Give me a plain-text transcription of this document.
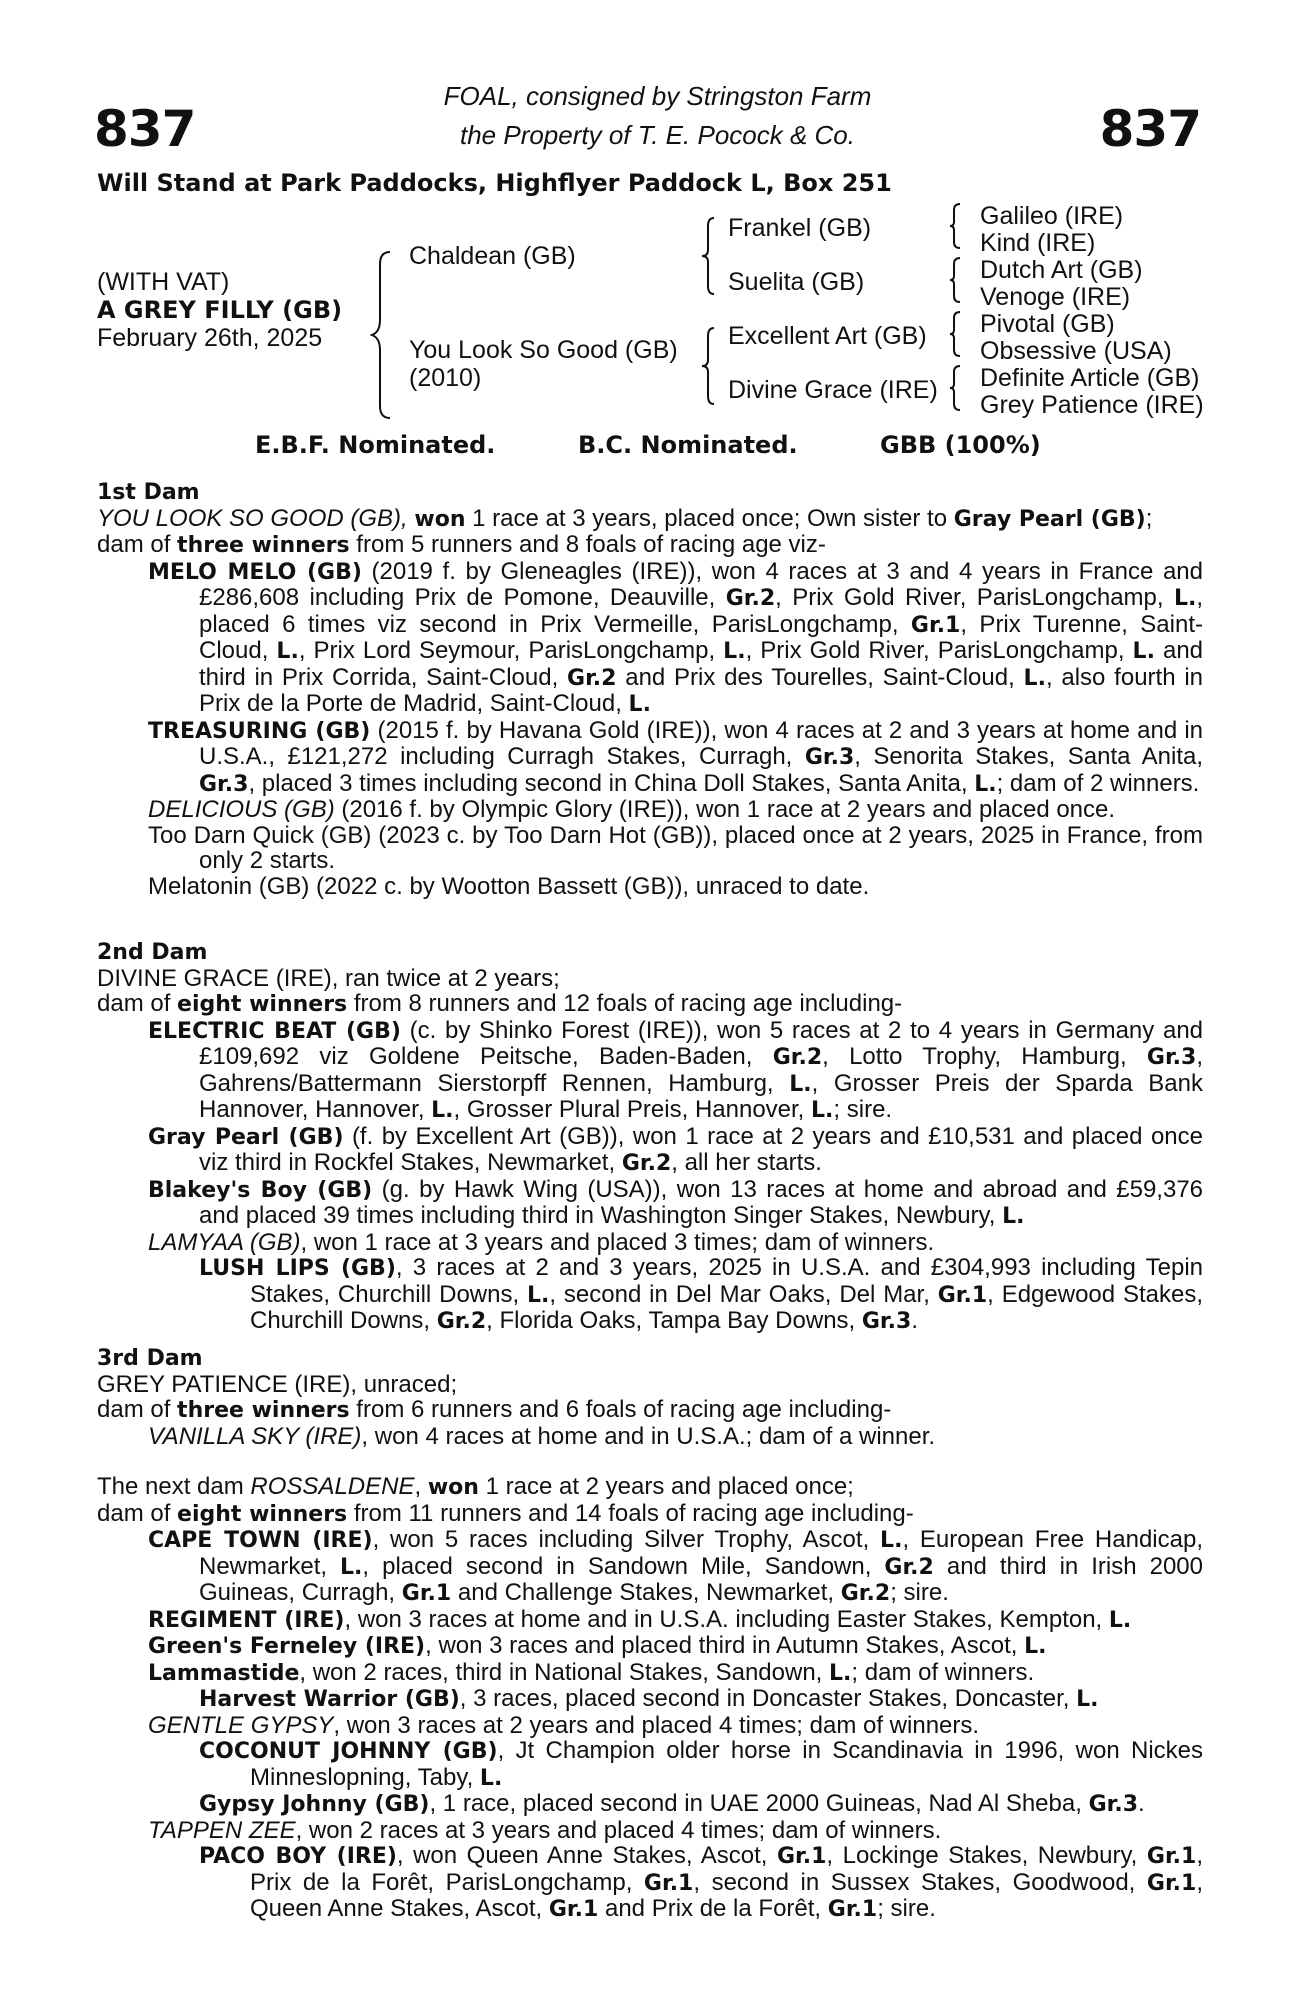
837	837
FOAL, consigned by Stringston Farm
the Property of T. E. Pocock & Co.
Will Stand at Park Paddocks, Highflyer Paddock L, Box 251
(WITH VAT)
A GREY FILLY (GB)
February 26th, 2025
Chaldean (GB)
You Look So Good (GB)
(2010)
Frankel (GB)
Suelita (GB)
Excellent Art (GB)
Divine Grace (IRE)
Galileo (IRE)
Kind (IRE)
Dutch Art (GB)
Venoge (IRE)
Pivotal (GB)
Obsessive (USA)
Definite Article (GB)
Grey Patience (IRE)
E.B.F. Nominated.	B.C. Nominated.	GBB (100%)
1st Dam
YOU LOOK SO GOOD (GB), won 1 race at 3 years, placed once; Own sister to Gray Pearl (GB);
dam of three winners from 5 runners and 8 foals of racing age viz-
MELO MELO (GB) (2019 f. by Gleneagles (IRE)), won 4 races at 3 and 4 years in France and £286,608 including Prix de Pomone, Deauville, Gr.2, Prix Gold River, ParisLongchamp, L., placed 6 times viz second in Prix Vermeille, ParisLongchamp, Gr.1, Prix Turenne, Saint-Cloud, L., Prix Lord Seymour, ParisLongchamp, L., Prix Gold River, ParisLongchamp, L. and third in Prix Corrida, Saint-Cloud, Gr.2 and Prix des Tourelles, Saint-Cloud, L., also fourth in Prix de la Porte de Madrid, Saint-Cloud, L.
TREASURING (GB) (2015 f. by Havana Gold (IRE)), won 4 races at 2 and 3 years at home and in U.S.A., £121,272 including Curragh Stakes, Curragh, Gr.3, Senorita Stakes, Santa Anita, Gr.3, placed 3 times including second in China Doll Stakes, Santa Anita, L.; dam of 2 winners.
DELICIOUS (GB) (2016 f. by Olympic Glory (IRE)), won 1 race at 2 years and placed once.
Too Darn Quick (GB) (2023 c. by Too Darn Hot (GB)), placed once at 2 years, 2025 in France, from only 2 starts.
Melatonin (GB) (2022 c. by Wootton Bassett (GB)), unraced to date.
2nd Dam
DIVINE GRACE (IRE), ran twice at 2 years;
dam of eight winners from 8 runners and 12 foals of racing age including-
ELECTRIC BEAT (GB) (c. by Shinko Forest (IRE)), won 5 races at 2 to 4 years in Germany and £109,692 viz Goldene Peitsche, Baden-Baden, Gr.2, Lotto Trophy, Hamburg, Gr.3, Gahrens/Battermann Sierstorpff Rennen, Hamburg, L., Grosser Preis der Sparda Bank Hannover, Hannover, L., Grosser Plural Preis, Hannover, L.; sire.
Gray Pearl (GB) (f. by Excellent Art (GB)), won 1 race at 2 years and £10,531 and placed once viz third in Rockfel Stakes, Newmarket, Gr.2, all her starts.
Blakey's Boy (GB) (g. by Hawk Wing (USA)), won 13 races at home and abroad and £59,376 and placed 39 times including third in Washington Singer Stakes, Newbury, L.
LAMYAA (GB), won 1 race at 3 years and placed 3 times; dam of winners.
LUSH LIPS (GB), 3 races at 2 and 3 years, 2025 in U.S.A. and £304,993 including Tepin Stakes, Churchill Downs, L., second in Del Mar Oaks, Del Mar, Gr.1, Edgewood Stakes, Churchill Downs, Gr.2, Florida Oaks, Tampa Bay Downs, Gr.3.
3rd Dam
GREY PATIENCE (IRE), unraced;
dam of three winners from 6 runners and 6 foals of racing age including-
VANILLA SKY (IRE), won 4 races at home and in U.S.A.; dam of a winner.
The next dam ROSSALDENE, won 1 race at 2 years and placed once;
dam of eight winners from 11 runners and 14 foals of racing age including-
CAPE TOWN (IRE), won 5 races including Silver Trophy, Ascot, L., European Free Handicap, Newmarket, L., placed second in Sandown Mile, Sandown, Gr.2 and third in Irish 2000 Guineas, Curragh, Gr.1 and Challenge Stakes, Newmarket, Gr.2; sire.
REGIMENT (IRE), won 3 races at home and in U.S.A. including Easter Stakes, Kempton, L.
Green's Ferneley (IRE), won 3 races and placed third in Autumn Stakes, Ascot, L.
Lammastide, won 2 races, third in National Stakes, Sandown, L.; dam of winners.
Harvest Warrior (GB), 3 races, placed second in Doncaster Stakes, Doncaster, L.
GENTLE GYPSY, won 3 races at 2 years and placed 4 times; dam of winners.
COCONUT JOHNNY (GB), Jt Champion older horse in Scandinavia in 1996, won Nickes Minneslopning, Taby, L.
Gypsy Johnny (GB), 1 race, placed second in UAE 2000 Guineas, Nad Al Sheba, Gr.3.
TAPPEN ZEE, won 2 races at 3 years and placed 4 times; dam of winners.
PACO BOY (IRE), won Queen Anne Stakes, Ascot, Gr.1, Lockinge Stakes, Newbury, Gr.1, Prix de la Forêt, ParisLongchamp, Gr.1, second in Sussex Stakes, Goodwood, Gr.1, Queen Anne Stakes, Ascot, Gr.1 and Prix de la Forêt, Gr.1; sire.
